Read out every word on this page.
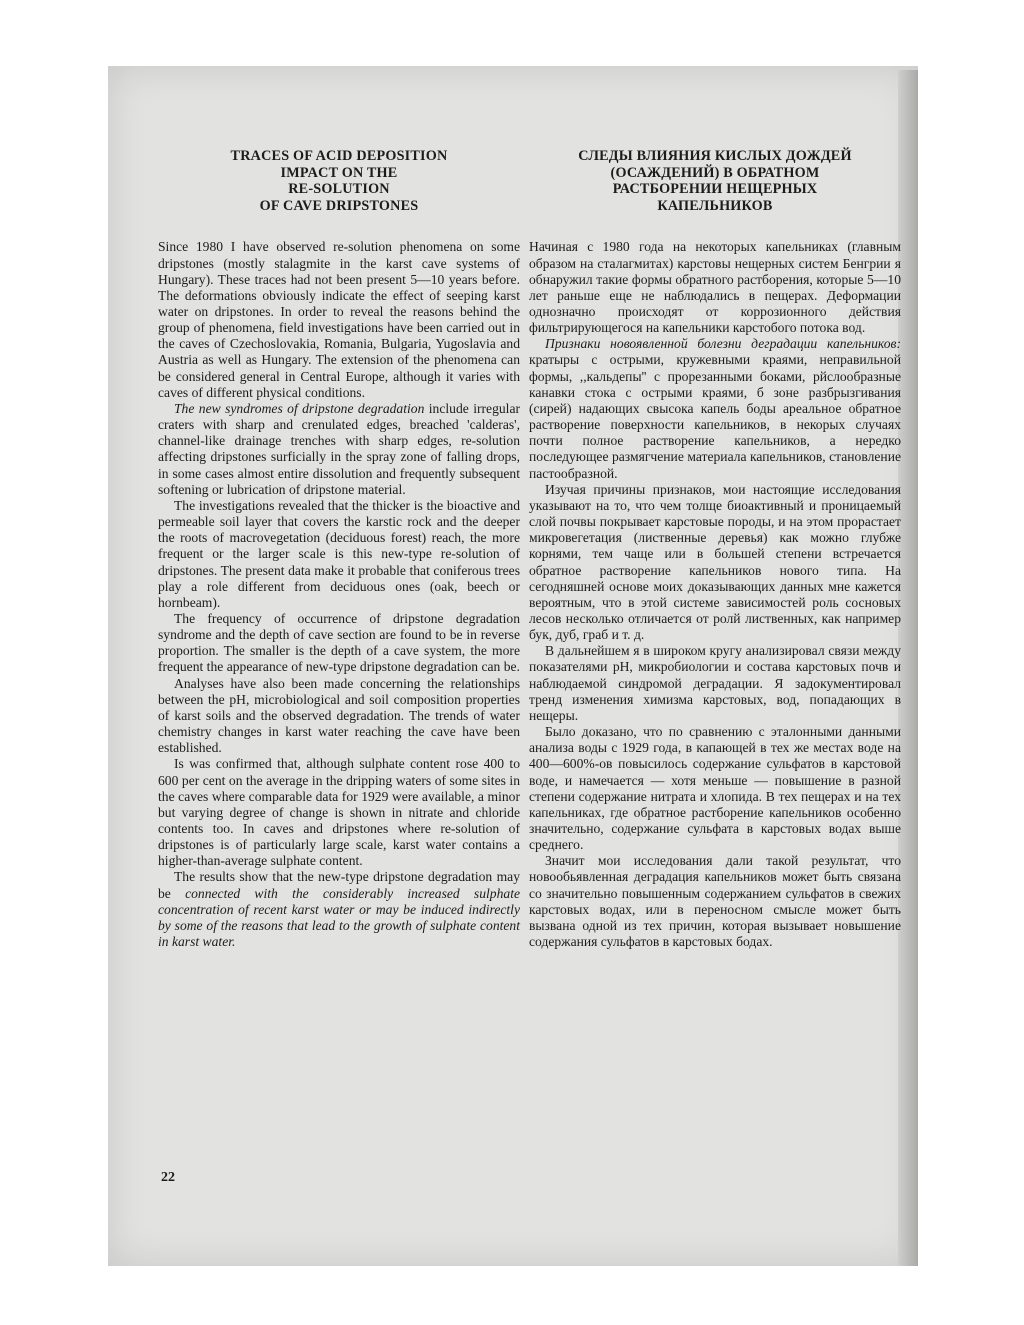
TRACES OF ACID DEPOSITION
IMPACT ON THE
RE-SOLUTION
OF CAVE DRIPSTONES

Since 1980 I have observed re-solution phenomena on some dripstones (mostly stalagmite in the karst cave systems of Hungary). These traces had not been present 5—10 years before. The deformations obviously indicate the effect of seeping karst water on dripstones. In order to reveal the reasons behind the group of phenomena, field investigations have been carried out in the caves of Czechoslovakia, Romania, Bulgaria, Yugoslavia and Austria as well as Hungary. The extension of the phenomena can be considered general in Central Europe, although it varies with caves of different physical conditions.

The new syndromes of dripstone degradation include irregular craters with sharp and crenulated edges, breached 'calderas', channel-like drainage trenches with sharp edges, re-solution affecting dripstones surficially in the spray zone of falling drops, in some cases almost entire dissolution and frequently subsequent softening or lubrication of dripstone material.

The investigations revealed that the thicker is the bioactive and permeable soil layer that covers the karstic rock and the deeper the roots of macrovegetation (deciduous forest) reach, the more frequent or the larger scale is this new-type re-solution of dripstones. The present data make it probable that coniferous trees play a role different from deciduous ones (oak, beech or hornbeam).

The frequency of occurrence of dripstone degradation syndrome and the depth of cave section are found to be in reverse proportion. The smaller is the depth of a cave system, the more frequent the appearance of new-type dripstone degradation can be.

Analyses have also been made concerning the relationships between the pH, microbiological and soil composition properties of karst soils and the observed degradation. The trends of water chemistry changes in karst water reaching the cave have been established.

Is was confirmed that, although sulphate content rose 400 to 600 per cent on the average in the dripping waters of some sites in the caves where comparable data for 1929 were available, a minor but varying degree of change is shown in nitrate and chloride contents too. In caves and dripstones where re-solution of dripstones is of particularly large scale, karst water contains a higher-than-average sulphate content.

The results show that the new-type dripstone degradation may be connected with the considerably increased sulphate concentration of recent karst water or may be induced indirectly by some of the reasons that lead to the growth of sulphate content in karst water.

СЛЕДЫ ВЛИЯНИЯ КИСЛЫХ ДОЖДЕЙ
(ОСАЖДЕНИЙ) В ОБРАТНОМ
РАСТБОРЕНИИ НЕЩЕРНЫХ
КАПЕЛЬНИКОВ

Начиная с 1980 года на некоторых капельниках (главным образом на сталагмитах) карстовы нещерных систем Бенгрии я обнаружил такие формы обратного растборения, которые 5—10 лет раньше еще не наблюдались в пещерах. Деформации однозначно происходят от коррозионного действия фильтрирующегося на капельники карстобого потока вод.

Признаки новоявленной болезни деградации капельников: кратыры с острыми, кружевными краями, неправильной формы, ,,кальдепы'' с прорезанными боками, рйслообразные канавки стока с острыми краями, б зоне разбрызгивания (сирей) надающих свысока капель боды ареальное обратное растворение поверхности капельников, в некорых случаях почти полное растворение капельников, а нередко последующее размягчение материала капельников, становление пастообразной.

Изучая причины признаков, мои настоящие исследования указывают на то, что чем толще биоактивный и проницаемый слой почвы покрывает карстовые породы, и на этом прорастает микровегетация (лиственные деревья) как можно глубже корнями, тем чаще или в большей степени встречается обратное растворение капельников нового типа. На сегодняшней основе моих доказывающих данных мне кажется вероятным, что в этой системе зависимостей роль сосновых лесов несколько отличается от ролй лиственных, как например бук, дуб, граб и т. д.

В дальнейшем я в широком кругу анализировал связи между показателями pH, микробиологии и состава карстовых почв и наблюдаемой синдромой деградации. Я задокументировал тренд изменения химизма карстовых, вод, попадающих в нещеры.

Было доказано, что по сравнению с эталонными данными анализа воды с 1929 года, в капающей в тех же местах воде на 400—600%-ов повысилось содержание сульфатов в карстовой воде, и намечается — хотя меньше — повышение в разной степени содержание нитрата и хлопида. В тех пещерах и на тех капельниках, где обратное растборение капельников особенно значительно, содержание сульфата в карстовых водах выше среднего.

Значит мои исследования дали такой результат, что новообьявленная деградация капельников может быть связана со значительно повышенным содержанием сульфатов в свежих карстовых водах, или в переносном смысле может быть вызвана одной из тех причин, которая вызывает новышение содержания сульфатов в карстовых бодах.

22
